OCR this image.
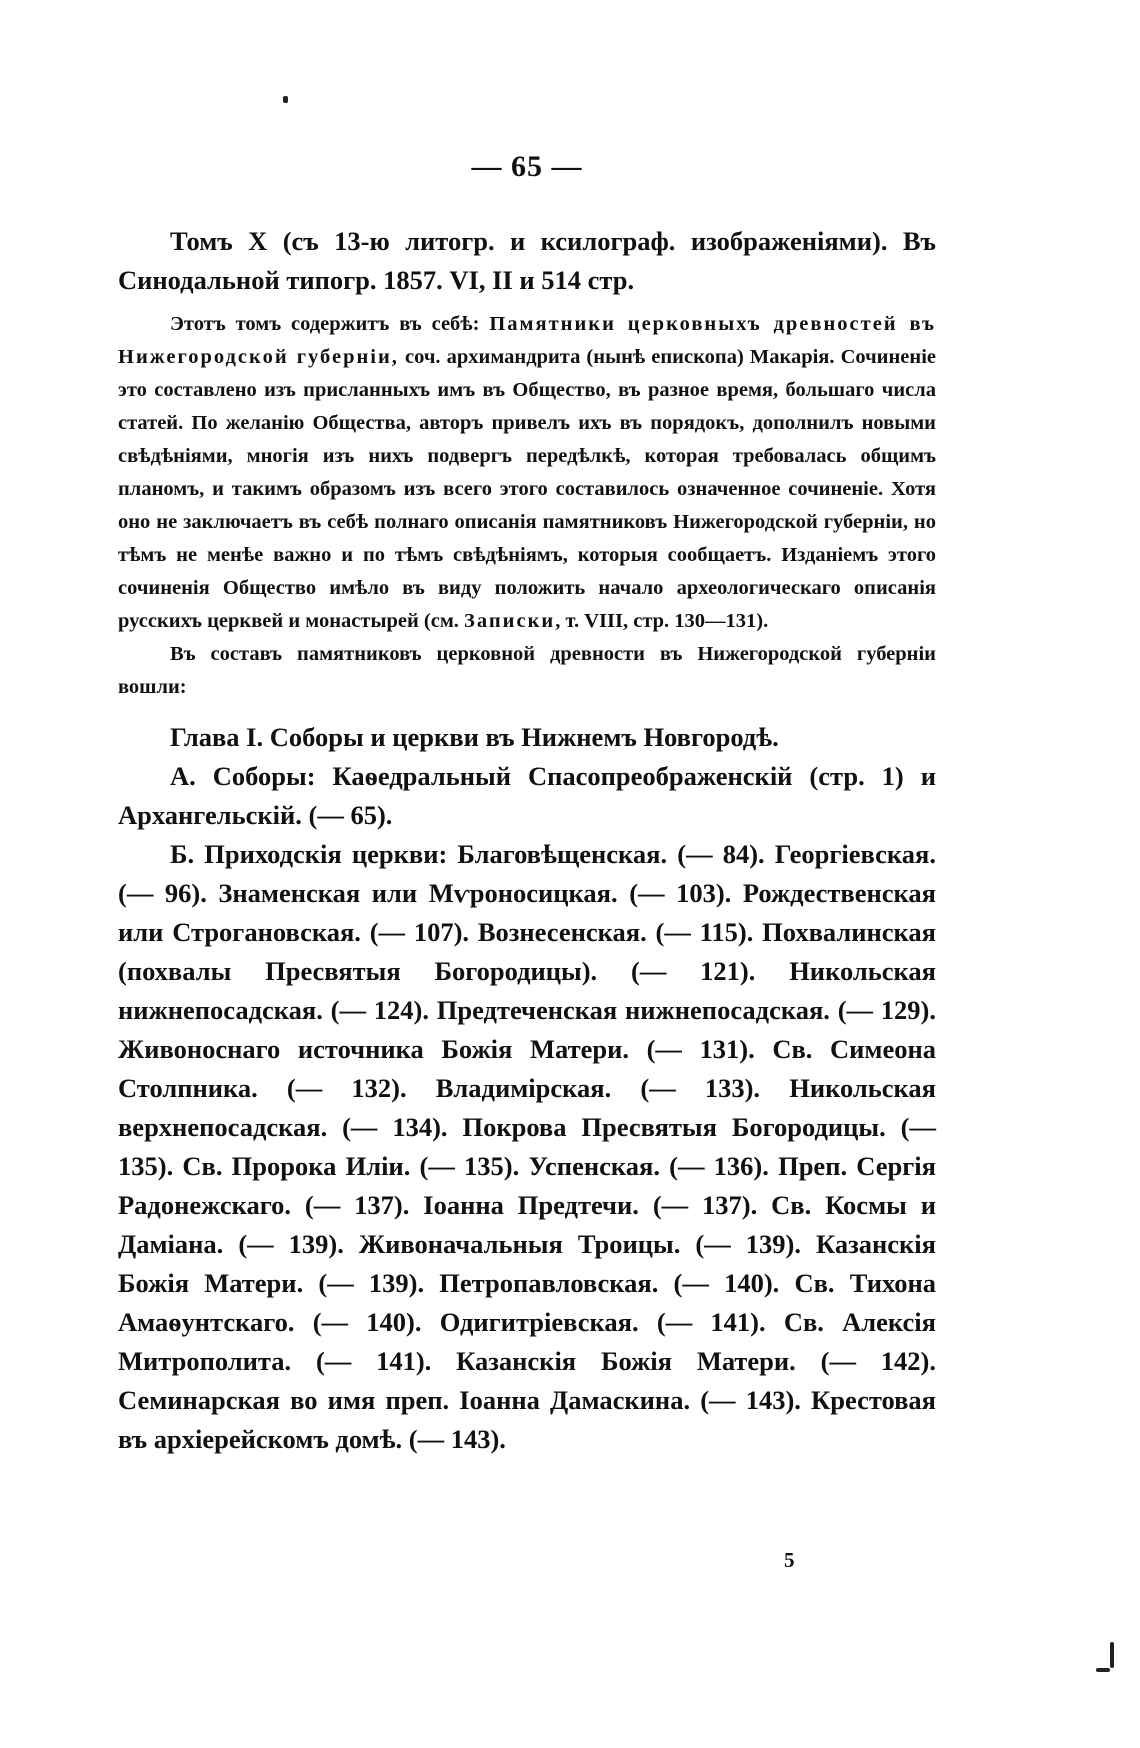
— 65 —

Томъ X (съ 13-ю литогр. и ксилограф. изображеніями). Въ Синодальной типогр. 1857. VI, II и 514 стр.

Этотъ томъ содержитъ въ себѣ: Памятники церковныхъ древностей въ Нижегородской губерніи, соч. архимандрита (нынѣ епископа) Макарія. Сочиненіе это составлено изъ присланныхъ имъ въ Общество, въ разное время, большаго числа статей. По желанію Общества, авторъ привелъ ихъ въ порядокъ, дополнилъ новыми свѣдѣніями, многія изъ нихъ подвергъ передѣлкѣ, которая требовалась общимъ планомъ, и такимъ образомъ изъ всего этого составилось означенное сочиненіе. Хотя оно не заключаетъ въ себѣ полнаго описанія памятниковъ Нижегородской губерніи, но тѣмъ не менѣе важно и по тѣмъ свѣдѣніямъ, которыя сообщаетъ. Изданіемъ этого сочиненія Общество имѣло въ виду положить начало археологическаго описанія русскихъ церквей и монастырей (см. Записки, т. VIII, стр. 130—131).

Въ составъ памятниковъ церковной древности въ Нижегородской губерніи вошли:

Глава I. Соборы и церкви въ Нижнемъ Новгородѣ.

А. Соборы: Каѳедральный Спасопреображенскій (стр. 1) и Архангельскій. (— 65).

Б. Приходскія церкви: Благовѣщенская. (— 84). Георгіевская. (— 96). Знаменская или Мѵроносицкая. (— 103). Рождественская или Строгановская. (— 107). Вознесенская. (— 115). Похвалинская (похвалы Пресвятыя Богородицы). (— 121). Никольская нижнепосадская. (— 124). Предтеченская нижнепосадская. (— 129). Живоноснаго источника Божія Матери. (— 131). Св. Симеона Столпника. (— 132). Владимірская. (— 133). Никольская верхнепосадская. (— 134). Покрова Пресвятыя Богородицы. (— 135). Св. Пророка Иліи. (— 135). Успенская. (— 136). Преп. Сергія Радонежскаго. (— 137). Іоанна Предтечи. (— 137). Св. Космы и Даміана. (— 139). Живоначальныя Троицы. (— 139). Казанскія Божія Матери. (— 139). Петропавловская. (— 140). Св. Тихона Амаѳунтскаго. (— 140). Одигитріевская. (— 141). Св. Алексія Митрополита. (— 141). Казанскія Божія Матери. (— 142). Семинарская во имя преп. Іоанна Дамаскина. (— 143). Крестовая въ архіерейскомъ домѣ. (— 143).

5
